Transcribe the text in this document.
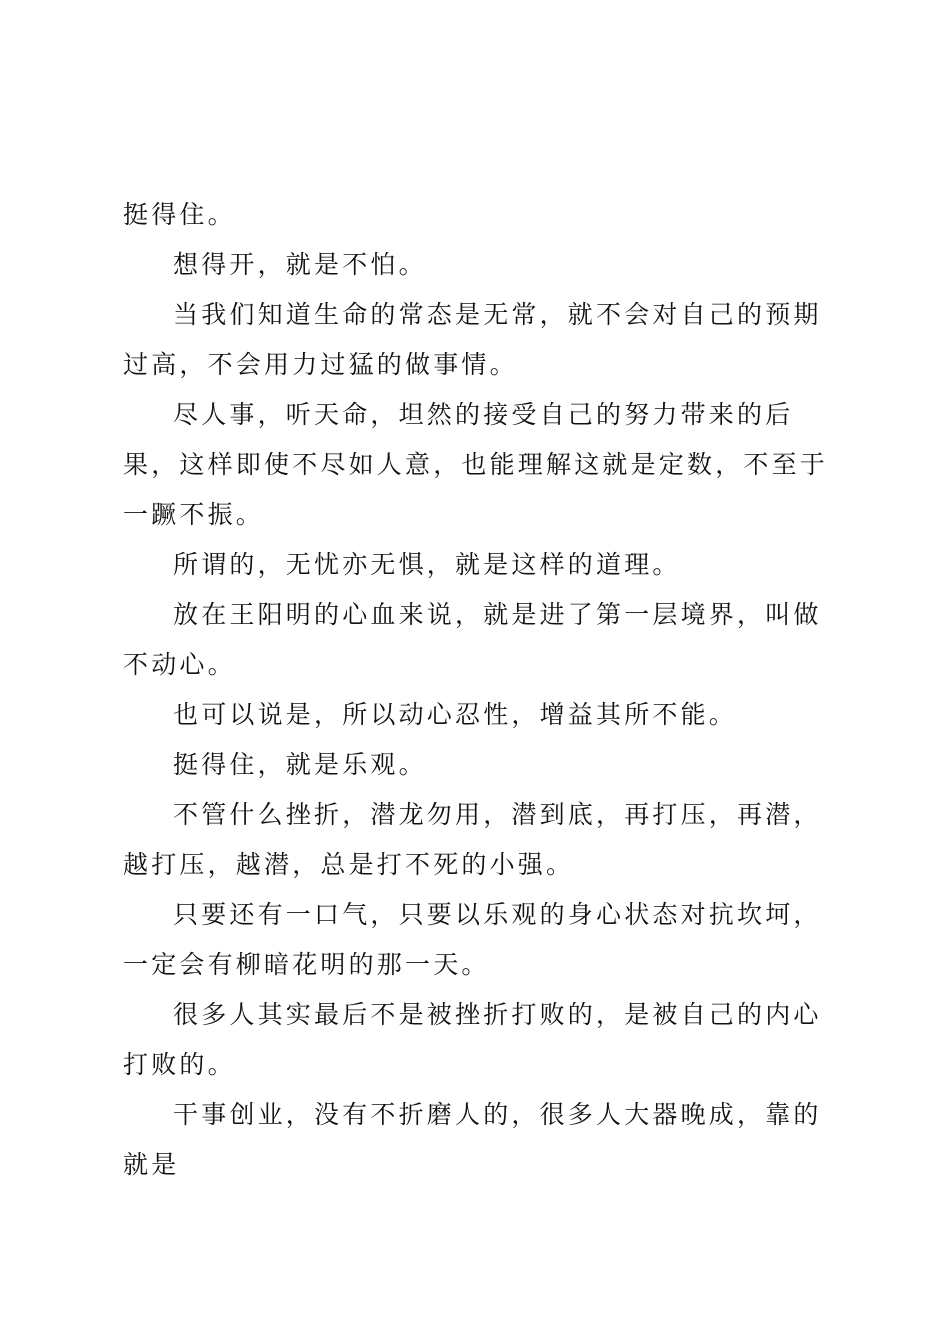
挺得住。

想得开，就是不怕。

当我们知道生命的常态是无常，就不会对自己的预期过高，不会用力过猛的做事情。

尽人事，听天命，坦然的接受自己的努力带来的后果，这样即使不尽如人意，也能理解这就是定数，不至于一蹶不振。

所谓的，无忧亦无惧，就是这样的道理。

放在王阳明的心血来说，就是进了第一层境界，叫做不动心。

也可以说是，所以动心忍性，增益其所不能。

挺得住，就是乐观。

不管什么挫折，潜龙勿用，潜到底，再打压，再潜，越打压，越潜，总是打不死的小强。

只要还有一口气，只要以乐观的身心状态对抗坎坷，一定会有柳暗花明的那一天。

很多人其实最后不是被挫折打败的，是被自己的内心打败的。

干事创业，没有不折磨人的，很多人大器晚成，靠的就是
